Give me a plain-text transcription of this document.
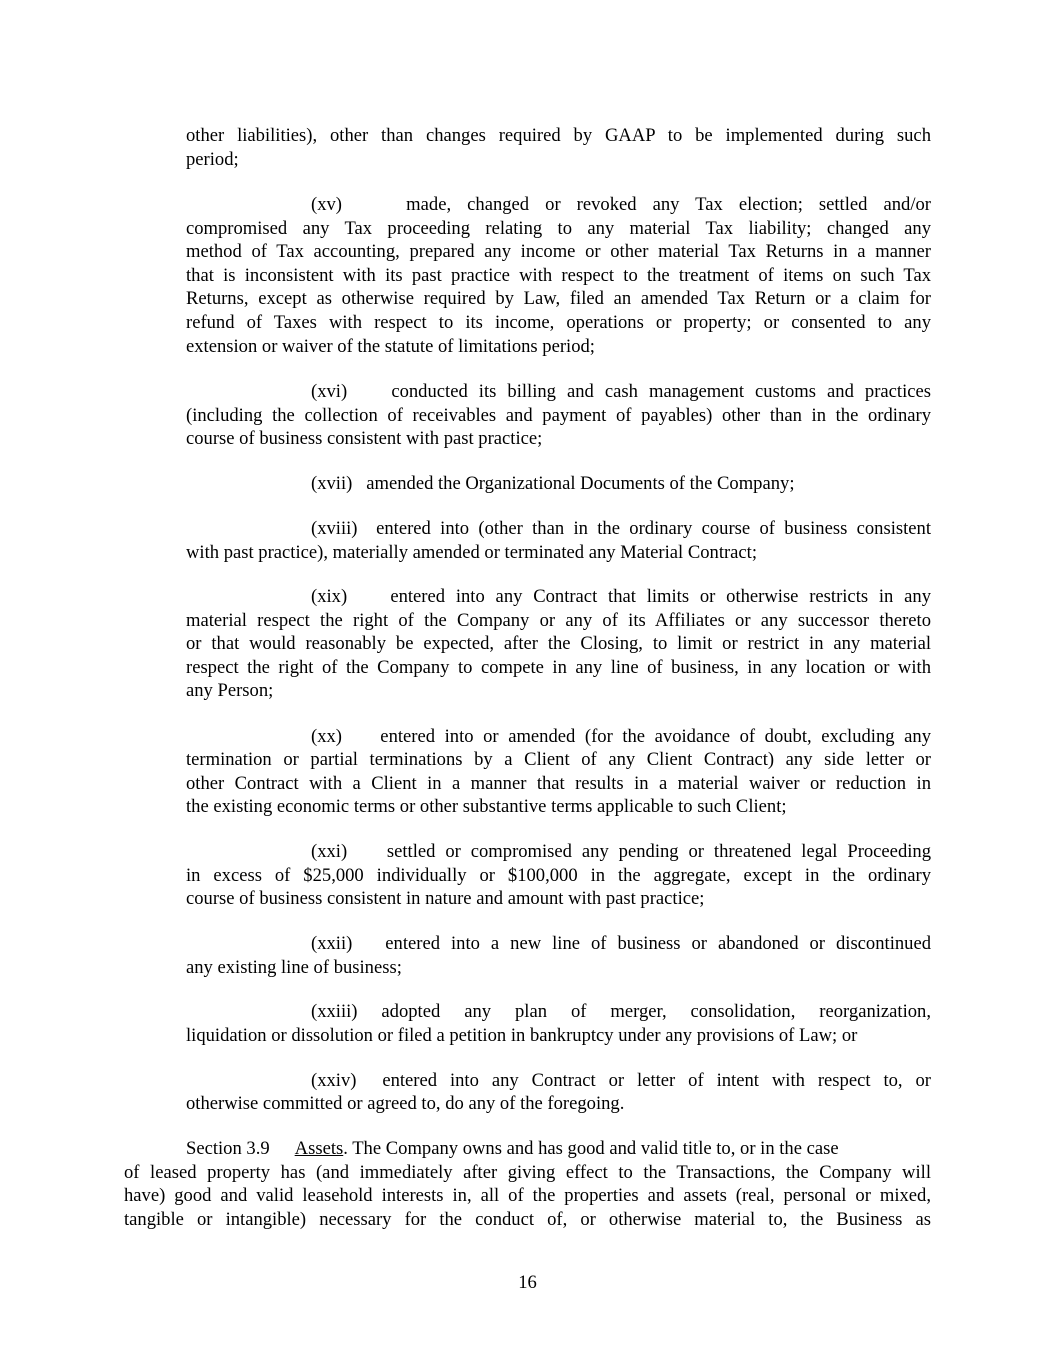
other liabilities), other than changes required by GAAP to be implemented during such

period;

(xv)    made, changed or revoked any Tax election; settled and/or

compromised any Tax proceeding relating to any material Tax liability; changed any

method of Tax accounting, prepared any income or other material Tax Returns in a manner

that is inconsistent with its past practice with respect to the treatment of items on such Tax

Returns, except as otherwise required by Law, filed an amended Tax Return or a claim for

refund of Taxes with respect to its income, operations or property; or consented to any

extension or waiver of the statute of limitations period;

(xvi)    conducted its billing and cash management customs and practices

(including the collection of receivables and payment of payables) other than in the ordinary

course of business consistent with past practice;

(xvii)   amended the Organizational Documents of the Company;

(xviii)  entered into (other than in the ordinary course of business consistent

with past practice), materially amended or terminated any Material Contract;

(xix)    entered into any Contract that limits or otherwise restricts in any

material respect the right of the Company or any of its Affiliates or any successor thereto

or that would reasonably be expected, after the Closing, to limit or restrict in any material

respect the right of the Company to compete in any line of business, in any location or with

any Person;

(xx)    entered into or amended (for the avoidance of doubt, excluding any

termination or partial terminations by a Client of any Client Contract) any side letter or

other Contract with a Client in a manner that results in a material waiver or reduction in

the existing economic terms or other substantive terms applicable to such Client;

(xxi)    settled or compromised any pending or threatened legal Proceeding

in excess of $25,000 individually or $100,000 in the aggregate, except in the ordinary

course of business consistent in nature and amount with past practice;

(xxii)   entered into a new line of business or abandoned or discontinued

any existing line of business;

(xxiii) adopted any plan of merger, consolidation, reorganization,

liquidation or dissolution or filed a petition in bankruptcy under any provisions of Law; or

(xxiv)  entered into any Contract or letter of intent with respect to, or

otherwise committed or agreed to, do any of the foregoing.

Section 3.9 Assets. The Company owns and has good and valid title to, or in the case

of leased property has (and immediately after giving effect to the Transactions, the Company will

have) good and valid leasehold interests in, all of the properties and assets (real, personal or mixed,

tangible or intangible) necessary for the conduct of, or otherwise material to, the Business as

16
